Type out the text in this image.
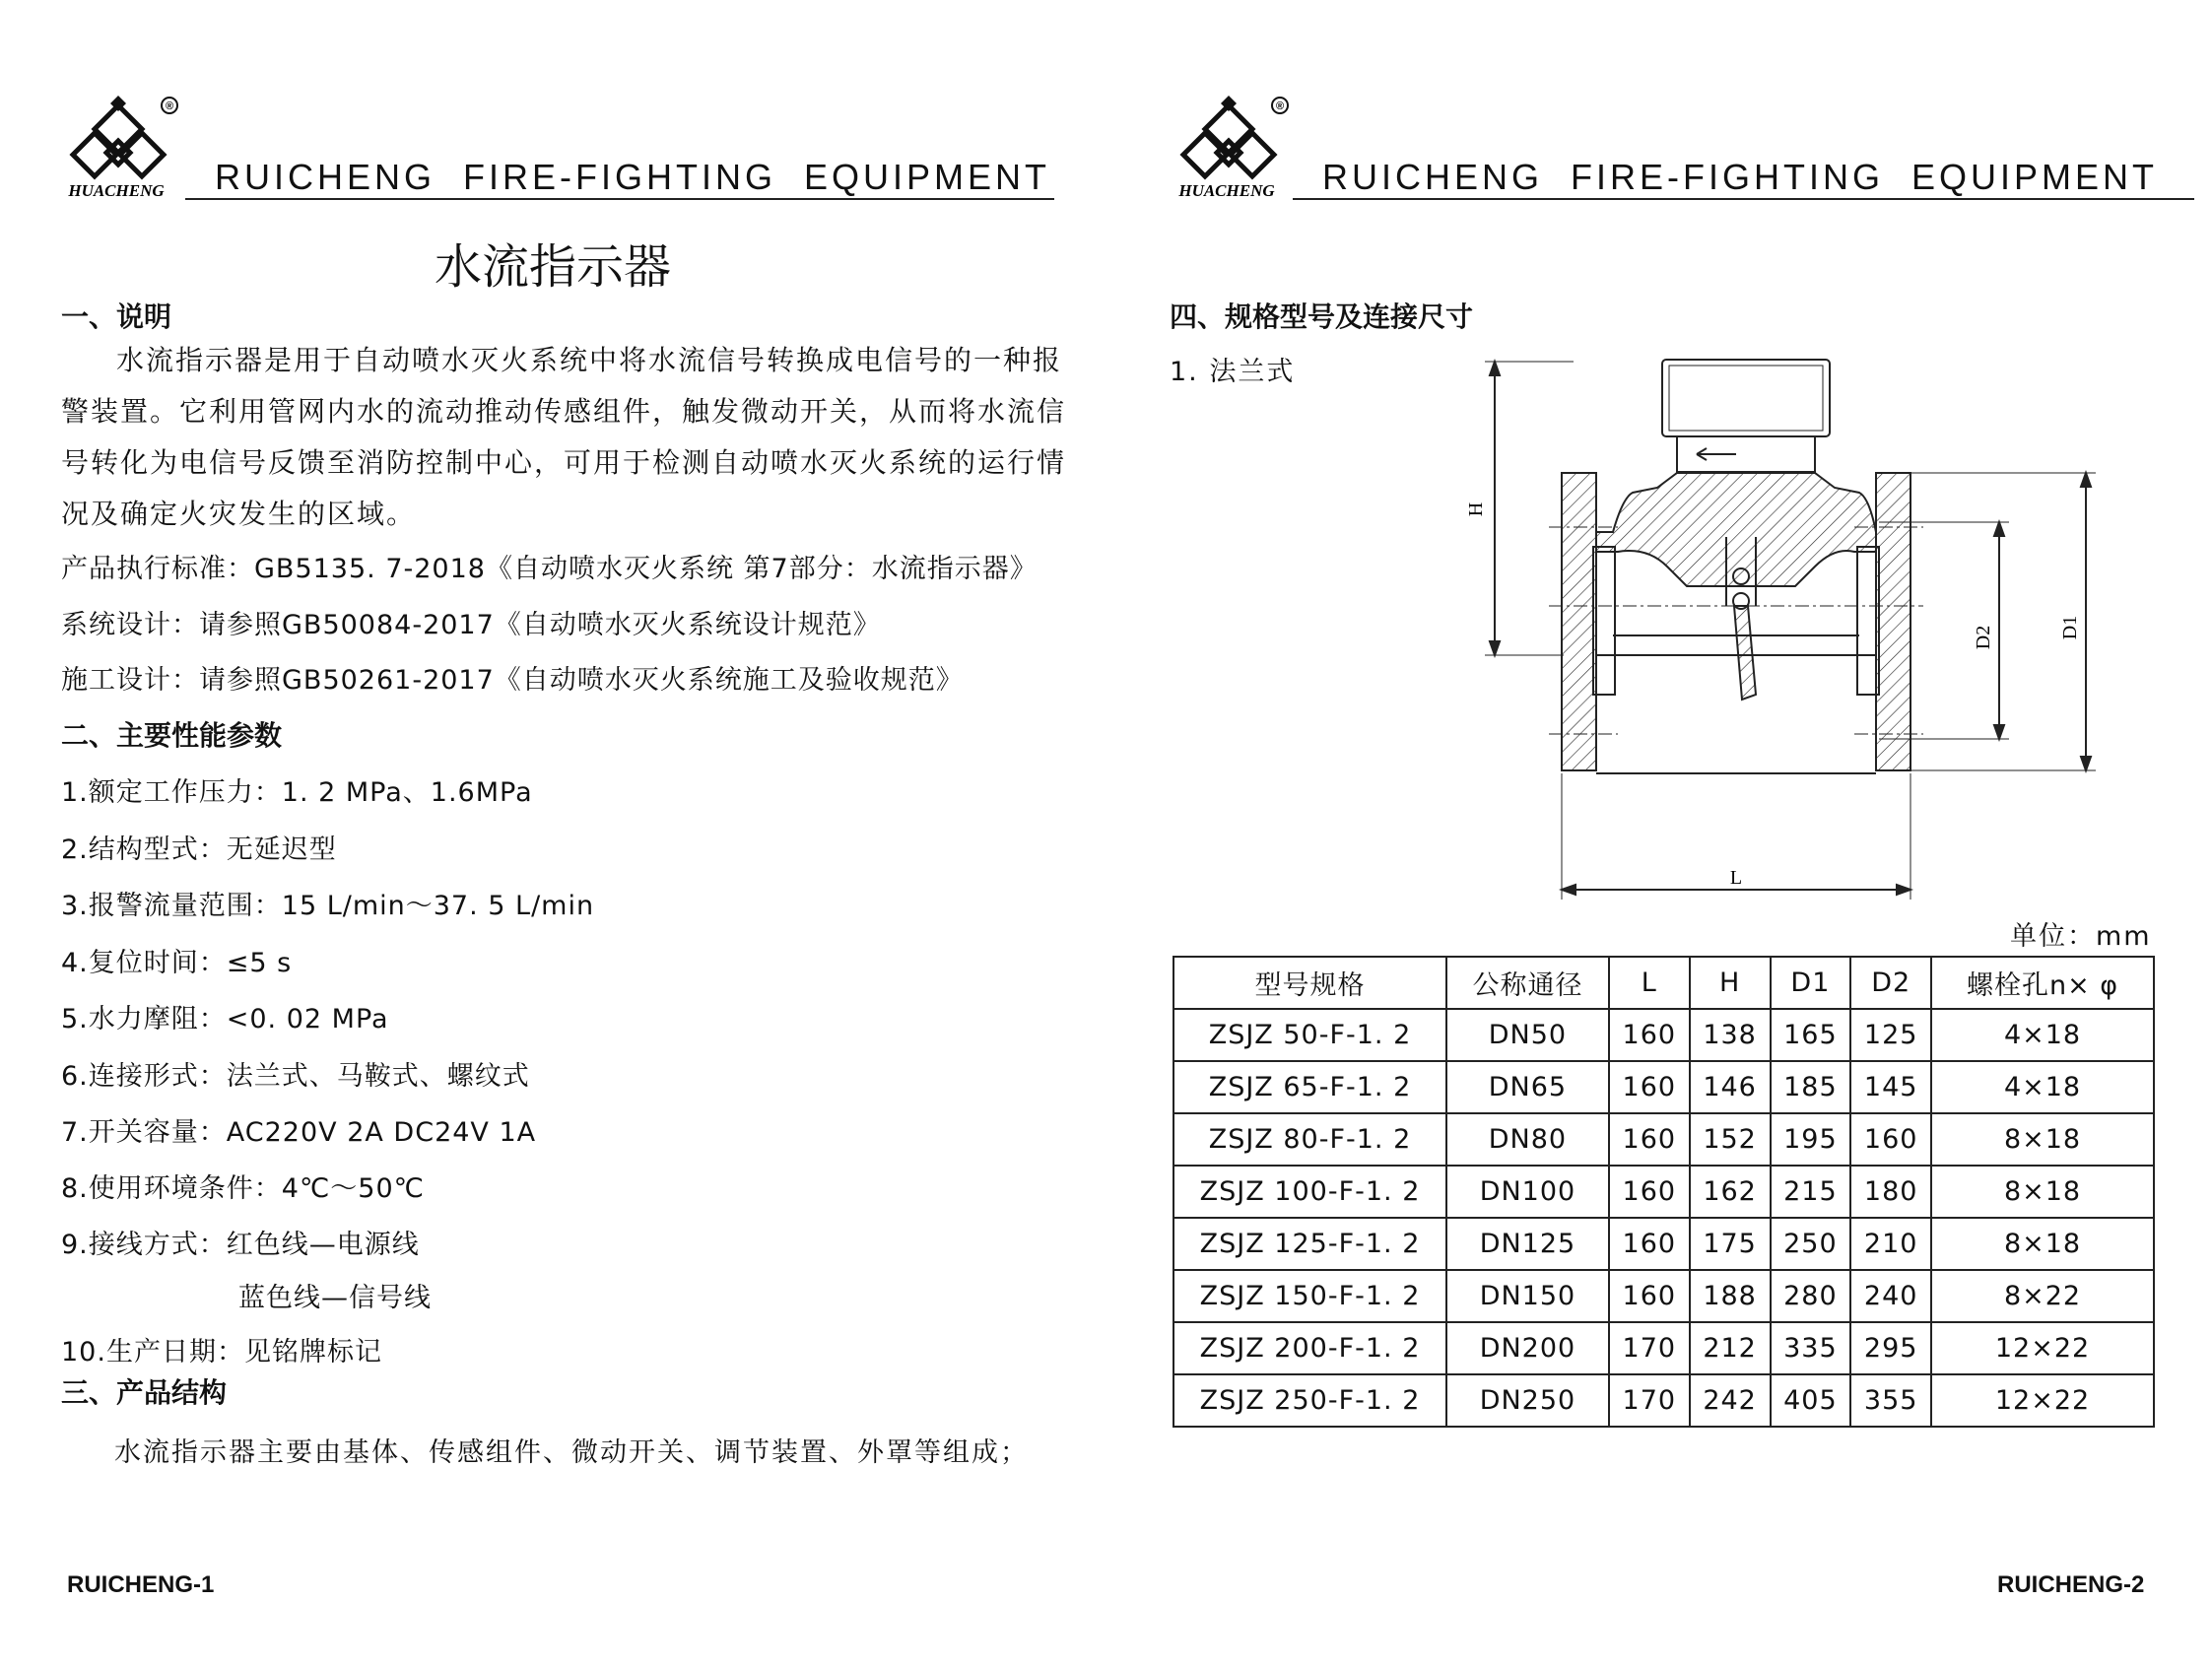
®
HUACHENG RUICHENG FIRE-FIGHTING EQUIPMENT
水流指示器
一、说明
水流指示器是用于自动喷水灭火系统中将水流信号转换成电信号的一种报警装置。它利用管网内水的流动推动传感组件，触发微动开关，从而将水流信号转化为电信号反馈至消防控制中心，可用于检测自动喷水灭火系统的运行情况及确定火灾发生的区域。
产品执行标准：GB5135. 7-2018《自动喷水灭火系统 第7部分：水流指示器》
系统设计：请参照GB50084-2017《自动喷水灭火系统设计规范》
施工设计：请参照GB50261-2017《自动喷水灭火系统施工及验收规范》
二、主要性能参数
1.额定工作压力：1. 2 MPa、1.6MPa
2.结构型式：无延迟型
3.报警流量范围：15 L/min～37. 5 L/min
4.复位时间：≤5 s
5.水力摩阻：<0. 02 MPa
6.连接形式：法兰式、马鞍式、螺纹式
7.开关容量：AC220V 2A DC24V 1A
8.使用环境条件：4℃～50℃
9.接线方式：红色线—电源线
蓝色线—信号线
10.生产日期：见铭牌标记
三、产品结构
水流指示器主要由基体、传感组件、微动开关、调节装置、外罩等组成；
RUICHENG-1
®
HUACHENG RUICHENG FIRE-FIGHTING EQUIPMENT
四、规格型号及连接尺寸
1. 法兰式
H
D2	D1
L
单位：mm
型号规格	公称通径	L	H	D1	D2	螺栓孔n× φ
ZSJZ 50-F-1. 2	DN50	160	138	165	125	4×18
ZSJZ 65-F-1. 2	DN65	160	146	185	145	4×18
ZSJZ 80-F-1. 2	DN80	160	152	195	160	8×18
ZSJZ 100-F-1. 2	DN100	160	162	215	180	8×18
ZSJZ 125-F-1. 2	DN125	160	175	250	210	8×18
ZSJZ 150-F-1. 2	DN150	160	188	280	240	8×22
ZSJZ 200-F-1. 2	DN200	170	212	335	295	12×22
ZSJZ 250-F-1. 2	DN250	170	242	405	355	12×22
RUICHENG-2
